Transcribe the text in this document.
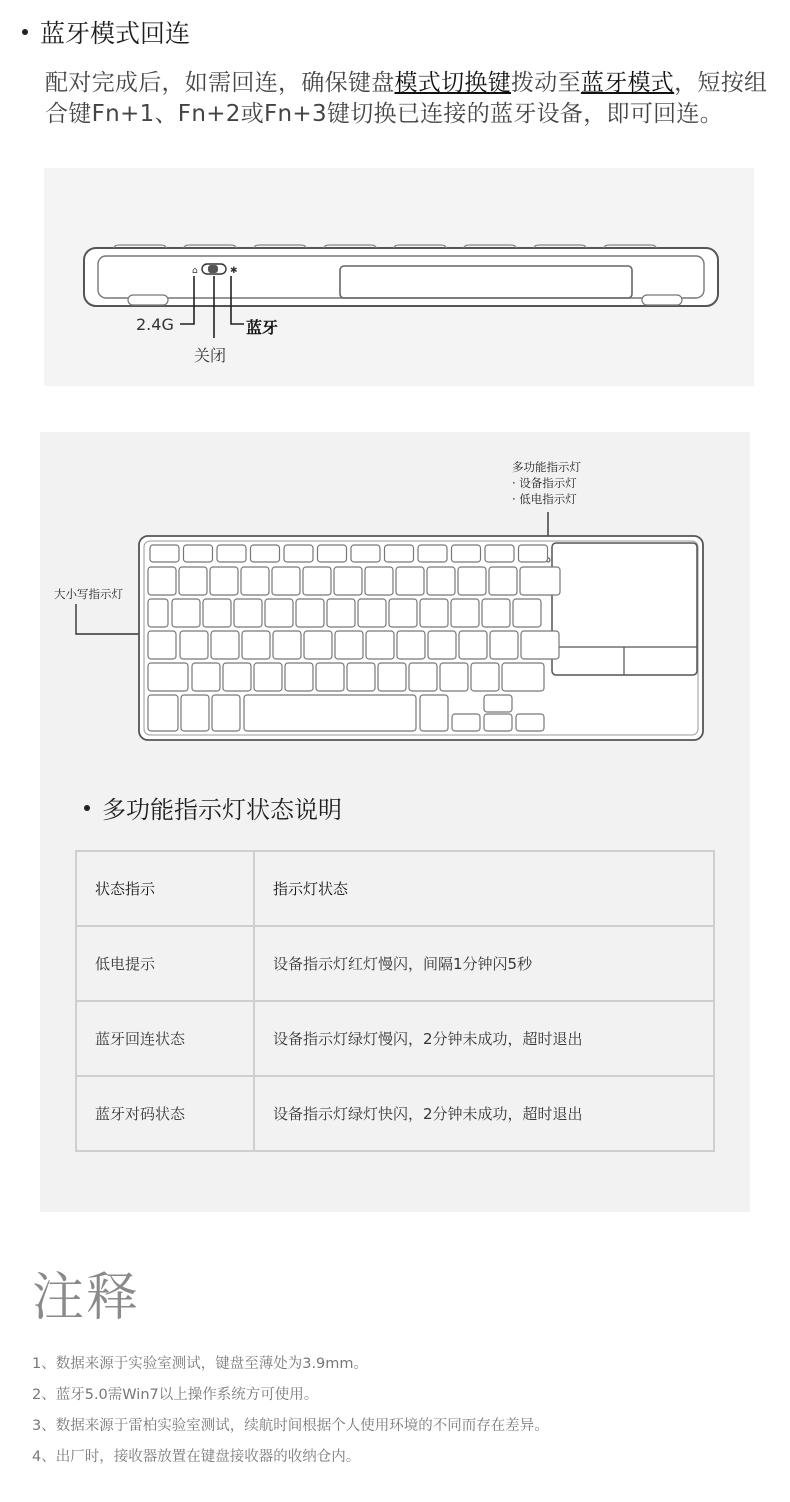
蓝牙模式回连
配对完成后，如需回连，确保键盘模式切换键拨动至蓝牙模式，短按组合键Fn+1、Fn+2或Fn+3键切换已连接的蓝牙设备，即可回连。
⌂	✱
2.4G
关闭
蓝牙
多功能指示灯
· 设备指示灯
· 低电指示灯
大小写指示灯
多功能指示灯状态说明
状态指示	指示灯状态
低电提示	设备指示灯红灯慢闪，间隔1分钟闪5秒
蓝牙回连状态	设备指示灯绿灯慢闪，2分钟未成功，超时退出
蓝牙对码状态	设备指示灯绿灯快闪，2分钟未成功，超时退出
注释
1、数据来源于实验室测试，键盘至薄处为3.9mm。
2、蓝牙5.0需Win7以上操作系统方可使用。
3、数据来源于雷柏实验室测试，续航时间根据个人使用环境的不同而存在差异。
4、出厂时，接收器放置在键盘接收器的收纳仓内。
